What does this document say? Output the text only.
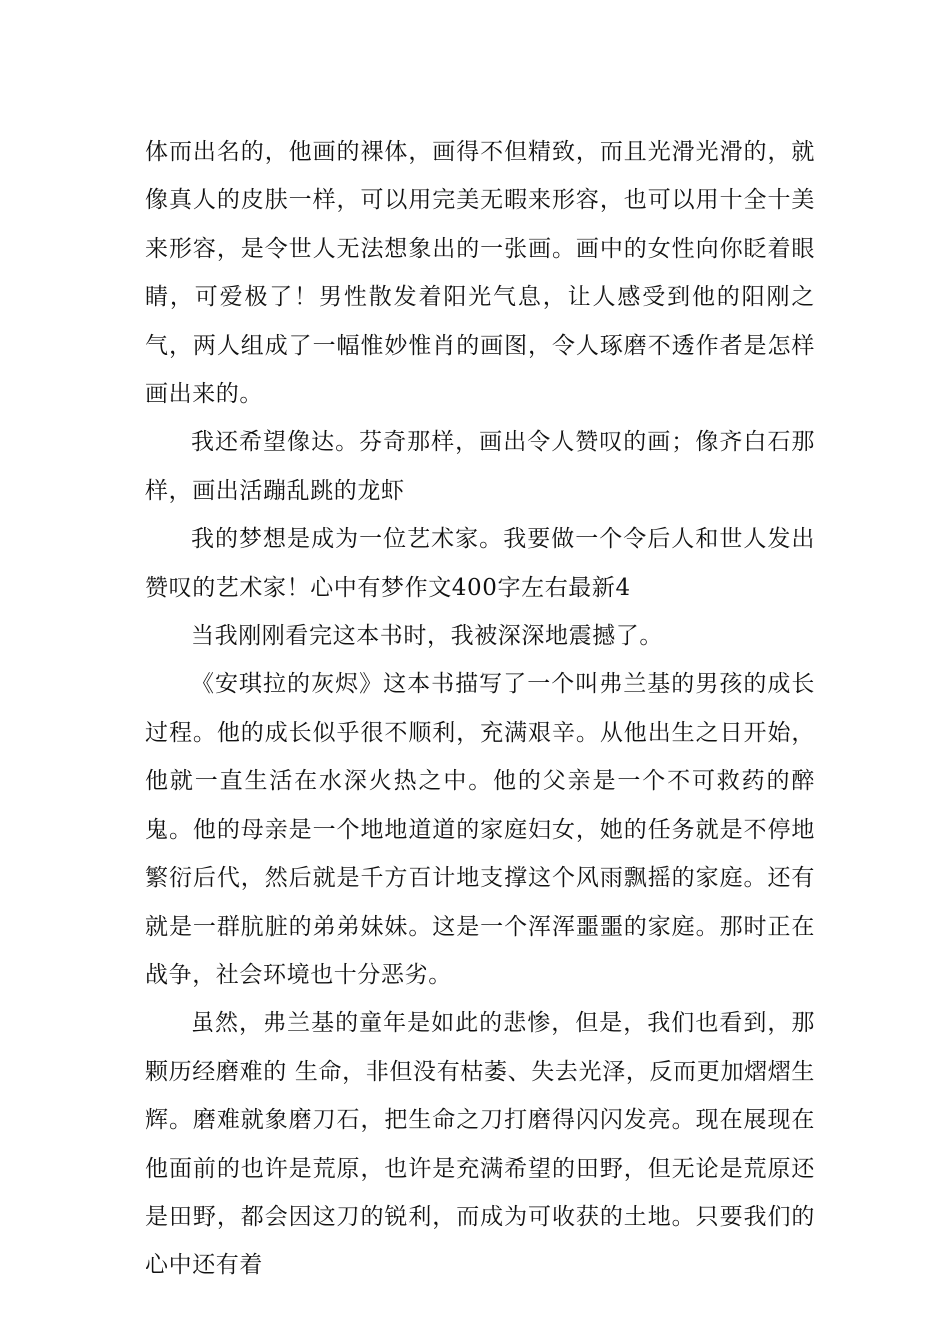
体而出名的，他画的裸体，画得不但精致，而且光滑光滑的，就像真人的皮肤一样，可以用完美无暇来形容，也可以用十全十美来形容，是令世人无法想象出的一张画。画中的女性向你眨着眼睛，可爱极了！男性散发着阳光气息，让人感受到他的阳刚之气，两人组成了一幅惟妙惟肖的画图，令人琢磨不透作者是怎样画出来的。

我还希望像达。芬奇那样，画出令人赞叹的画；像齐白石那样，画出活蹦乱跳的龙虾

我的梦想是成为一位艺术家。我要做一个令后人和世人发出赞叹的艺术家！心中有梦作文400字左右最新4

当我刚刚看完这本书时，我被深深地震撼了。

《安琪拉的灰烬》这本书描写了一个叫弗兰基的男孩的成长过程。他的成长似乎很不顺利，充满艰辛。从他出生之日开始，他就一直生活在水深火热之中。他的父亲是一个不可救药的醉鬼。他的母亲是一个地地道道的家庭妇女，她的任务就是不停地繁衍后代，然后就是千方百计地支撑这个风雨飘摇的家庭。还有就是一群肮脏的弟弟妹妹。这是一个浑浑噩噩的家庭。那时正在战争，社会环境也十分恶劣。

虽然，弗兰基的童年是如此的悲惨，但是，我们也看到，那颗历经磨难的 生命，非但没有枯萎、失去光泽，反而更加熠熠生辉。磨难就象磨刀石，把生命之刀打磨得闪闪发亮。现在展现在他面前的也许是荒原，也许是充满希望的田野，但无论是荒原还是田野，都会因这刀的锐利，而成为可收获的土地。只要我们的心中还有着
